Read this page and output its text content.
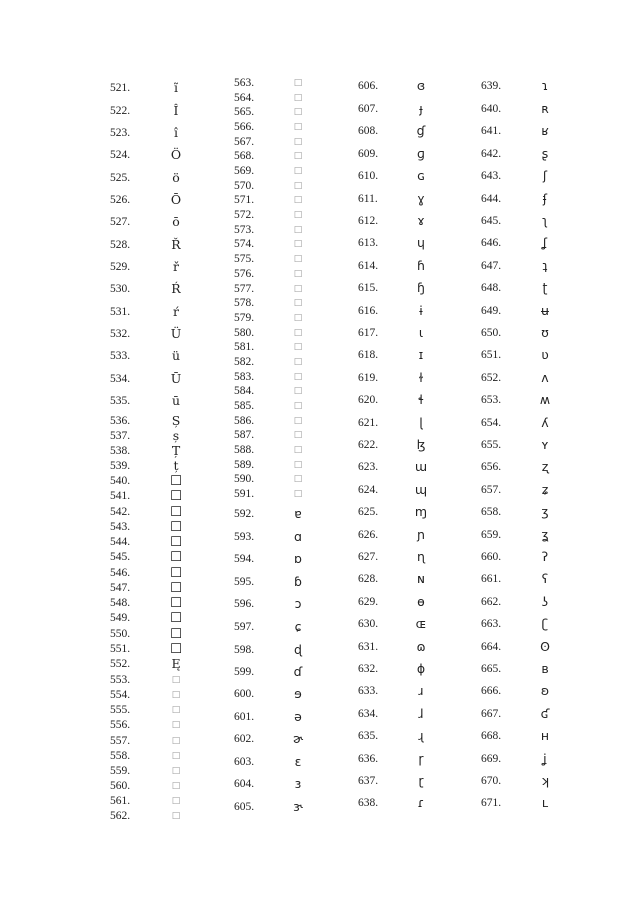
521.	ĩ
522.	Î
523.	î
524.	Ö
525.	ö
526.	Ō
527.	ō
528.	Ř
529.	ř
530.	Ŕ
531.	ŕ
532.	Ü
533.	ü
534.	Ū
535.	ū
536.	Ș
537.	ș
538.	Ț
539.	ț
540.	☐
541.	☐
542.	☐
543.	☐
544.	☐
545.	☐
546.	☐
547.	☐
548.	☐
549.	☐
550.	☐
551.	☐
552.	Ę
553.	□
554.	□
555.	□
556.	□
557.	□
558.	□
559.	□
560.	□
561.	□
562.	□
563.	□
564.	□
565.	□
566.	□
567.	□
568.	□
569.	□
570.	□
571.	□
572.	□
573.	□
574.	□
575.	□
576.	□
577.	□
578.	□
579.	□
580.	□
581.	□
582.	□
583.	□
584.	□
585.	□
586.	□
587.	□
588.	□
589.	□
590.	□
591.	□
592.	ɐ
593.	ɑ
594.	ɒ
595.	ɓ
596.	ɔ
597.	ɕ
598.	ɖ
599.	ɗ
600.	ɘ
601.	ə
602.	ɚ
603.	ɛ
604.	ɜ
605.	ɝ
606.	ɞ
607.	ɟ
608.	ɠ
609.	ɡ
610.	ɢ
611.	ɣ
612.	ɤ
613.	ɥ
614.	ɦ
615.	ɧ
616.	ɨ
617.	ɩ
618.	ɪ
619.	ɫ
620.	ɬ
621.	ɭ
622.	ɮ
623.	ɯ
624.	ɰ
625.	ɱ
626.	ɲ
627.	ɳ
628.	ɴ
629.	ɵ
630.	ɶ
631.	ɷ
632.	ɸ
633.	ɹ
634.	ɺ
635.	ɻ
636.	ɼ
637.	ɽ
638.	ɾ
639.	ɿ
640.	ʀ
641.	ʁ
642.	ʂ
643.	ʃ
644.	ʄ
645.	ʅ
646.	ʆ
647.	ʇ
648.	ʈ
649.	ʉ
650.	ʊ
651.	ʋ
652.	ʌ
653.	ʍ
654.	ʎ
655.	ʏ
656.	ʐ
657.	ʑ
658.	ʒ
659.	ʓ
660.	ʔ
661.	ʕ
662.	ʖ
663.	ʗ
664.	ʘ
665.	ʙ
666.	ʚ
667.	ʛ
668.	ʜ
669.	ʝ
670.	ʞ
671.	ʟ
